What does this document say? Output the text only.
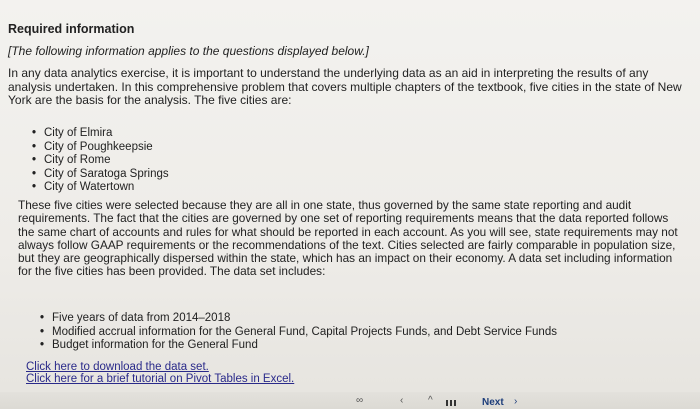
Required information
[The following information applies to the questions displayed below.]
In any data analytics exercise, it is important to understand the underlying data as an aid in interpreting the results of any analysis undertaken. In this comprehensive problem that covers multiple chapters of the textbook, five cities in the state of New York are the basis for the analysis. The five cities are:
• City of Elmira
• City of Poughkeepsie
• City of Rome
• City of Saratoga Springs
• City of Watertown
These five cities were selected because they are all in one state, thus governed by the same state reporting and audit requirements. The fact that the cities are governed by one set of reporting requirements means that the data reported follows the same chart of accounts and rules for what should be reported in each account. As you will see, state requirements may not always follow GAAP requirements or the recommendations of the text. Cities selected are fairly comparable in population size, but they are geographically dispersed within the state, which has an impact on their economy. A data set including information for the five cities has been provided. The data set includes:
• Five years of data from 2014–2018
• Modified accrual information for the General Fund, Capital Projects Funds, and Debt Service Funds
• Budget information for the General Fund
Click here to download the data set.
Click here for a brief tutorial on Pivot Tables in Excel.
∞	‹ ^	Next ›
